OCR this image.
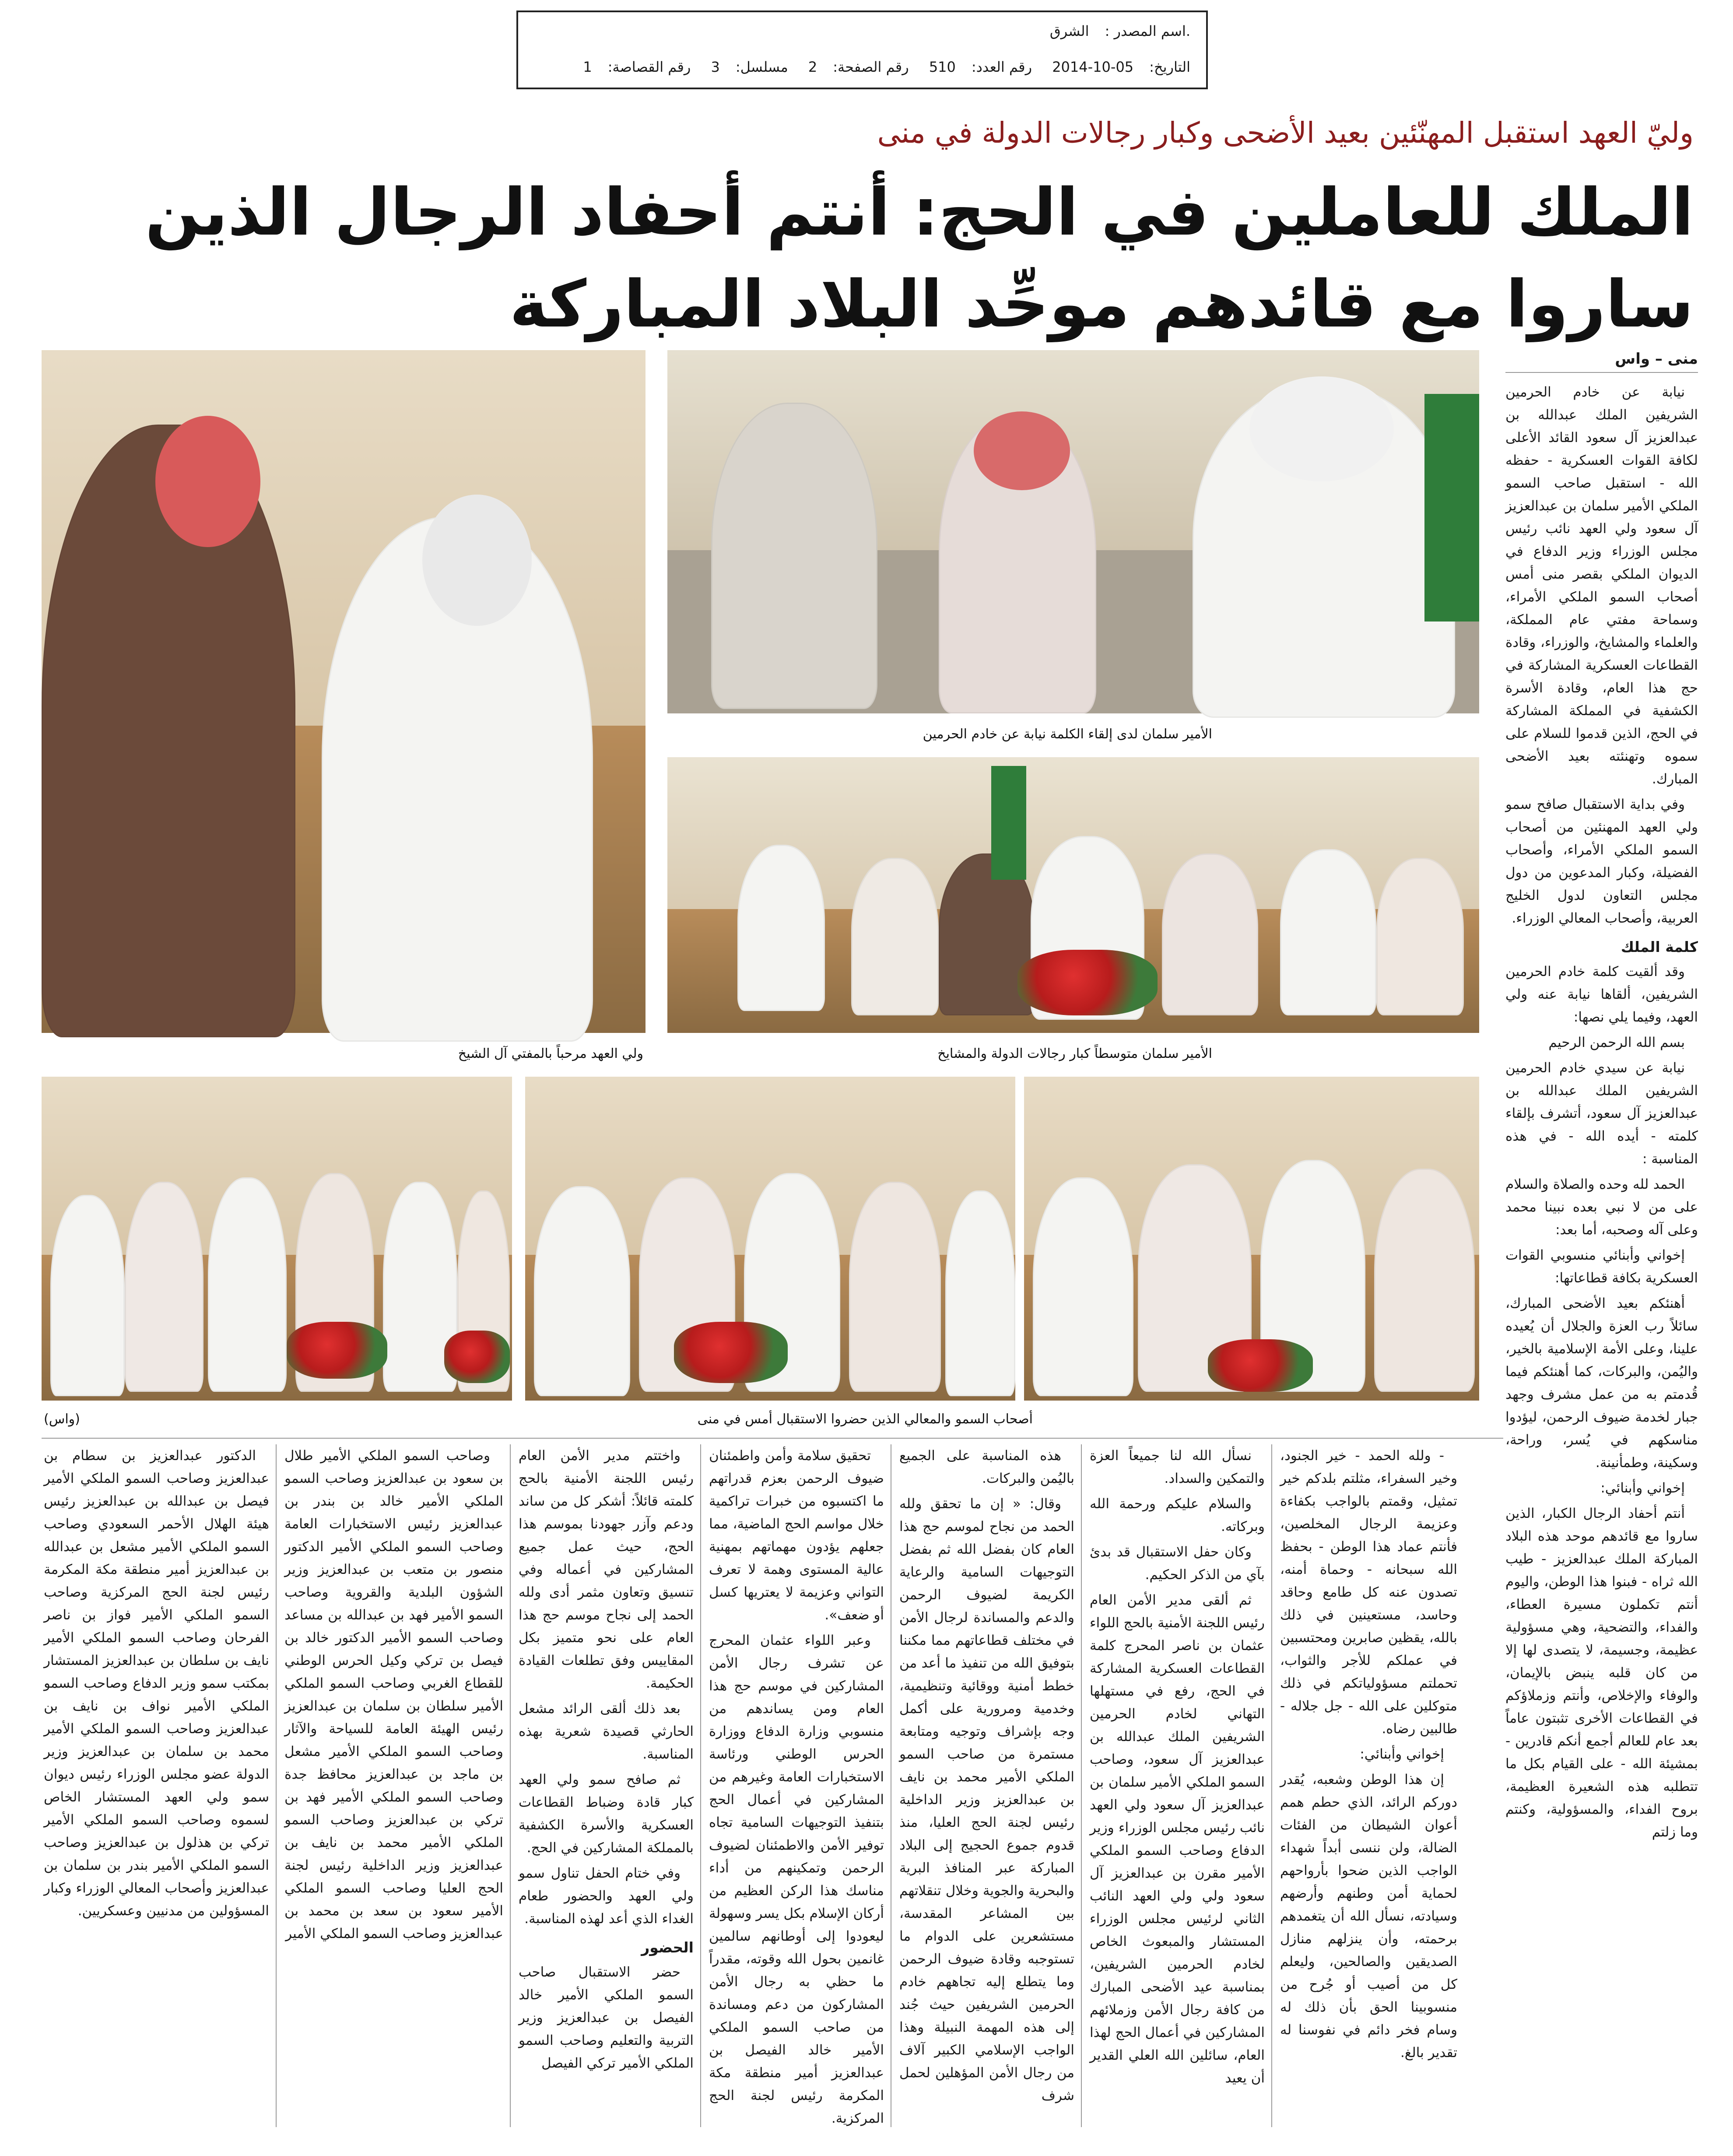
.اسم المصدر :الشرق
التاريخ:2014-10-05 رقم العدد:510 رقم الصفحة:2 مسلسل:3 رقم القصاصة:1
وليّ العهد استقبل المهنّئين بعيد الأضحى وكبار رجالات الدولة في منى
الملك للعاملين في الحج: أنتم أحفاد الرجال الذين ساروا مع قائدهم موحِّد البلاد المباركة
ولي العهد مرحباً بالمفتي آل الشيخ
الأمير سلمان لدى إلقاء الكلمة نيابة عن خادم الحرمين
الأمير سلمان متوسطاً كبار رجالات الدولة والمشايخ
أصحاب السمو والمعالي الذين حضروا الاستقبال أمس في منى
(واس)
منى – واس

نيابة عن خادم الحرمين الشريفين الملك عبدالله بن عبدالعزيز آل سعود القائد الأعلى لكافة القوات العسكرية - حفظه الله - استقبل صاحب السمو الملكي الأمير سلمان بن عبدالعزيز آل سعود ولي العهد نائب رئيس مجلس الوزراء وزير الدفاع في الديوان الملكي بقصر منى أمس أصحاب السمو الملكي الأمراء، وسماحة مفتي عام المملكة، والعلماء والمشايخ، والوزراء، وقادة القطاعات العسكرية المشاركة في حج هذا العام، وقادة الأسرة الكشفية في المملكة المشاركة في الحج، الذين قدموا للسلام على سموه وتهنئته بعيد الأضحى المبارك.

وفي بداية الاستقبال صافح سمو ولي العهد المهنئين من أصحاب السمو الملكي الأمراء، وأصحاب الفضيلة، وكبار المدعوين من دول مجلس التعاون لدول الخليج العربية، وأصحاب المعالي الوزراء.

كلمة الملك

وقد ألقيت كلمة خادم الحرمين الشريفين، ألقاها نيابة عنه ولي العهد، وفيما يلي نصها:

بسم الله الرحمن الرحيم

نيابة عن سيدي خادم الحرمين الشريفين الملك عبدالله بن عبدالعزيز آل سعود، أتشرف بإلقاء كلمته - أيده الله - في هذه المناسبة :

الحمد لله وحده والصلاة والسلام على من لا نبي بعده نبينا محمد وعلى آله وصحبه، أما بعد:

إخواني وأبنائي منسوبي القوات العسكرية بكافة قطاعاتها:

أهنئكم بعيد الأضحى المبارك، سائلاً رب العزة والجلال أن يُعيده علينا، وعلى الأمة الإسلامية بالخير، واليُمن، والبركات، كما أهنئكم فيما قُدمتم به من عمل مشرف وجهد جبار لخدمة ضيوف الرحمن، ليؤدوا مناسكهم في يُسر، وراحة، وسكينة، وطمأنينة.

إخواني وأبنائي:

أنتم أحفاد الرجال الكبار، الذين ساروا مع قائدهم موحد هذه البلاد المباركة الملك عبدالعزيز - طيب الله ثراه - فبنوا هذا الوطن، واليوم أنتم تكملون مسيرة العطاء، والفداء، والتضحية، وهي مسؤولية عظيمة، وجسيمة، لا يتصدى لها إلا من كان قلبه ينبض بالإيمان، والوفاء والإخلاص، وأنتم وزملاؤكم في القطاعات الأخرى تثبتون عاماً بعد عام للعالم أجمع أنكم قادرين - بمشيئة الله - على القيام بكل ما تتطلبه هذه الشعيرة العظيمة، بروح الفداء، والمسؤولية، وكنتم وما زلتم

- ولله الحمد - خير الجنود، وخير السفراء، مثلتم بلدكم خير تمثيل، وقمتم بالواجب بكفاءة وعزيمة الرجال المخلصين، فأنتم عماد هذا الوطن - بحفظ الله سبحانه - وحماة أمنه، تصدون عنه كل طامع وحاقد وحاسد، مستعينين في ذلك بالله، يقظين صابرين ومحتسبين في عملكم للأجر والثواب، تحملتم مسؤولياتكم في ذلك متوكلين على الله - جل جلاله - طالبين رضاه.

إخواني وأبنائي:

إن هذا الوطن وشعبه، يُقدر دوركم الرائد، الذي حطم همم أعوان الشيطان من الفئات الضالة، ولن ننسى أبداً شهداء الواجب الذين ضحوا بأرواحهم لحماية أمن وطنهم وأرضهم وسيادته، نسأل الله أن يتغمدهم برحمته، وأن ينزلهم منازل الصديقين والصالحين، وليعلم كل من أصيب أو جُرح من منسوبينا الحق بأن ذلك له وسام فخر دائم في نفوسنا له تقدير بالغ.

نسأل الله لنا جميعاً العزة والتمكين والسداد.

والسلام عليكم ورحمة الله وبركاته.

وكان حفل الاستقبال قد بدئ بآي من الذكر الحكيم.

ثم ألقى مدير الأمن العام رئيس اللجنة الأمنية بالحج اللواء عثمان بن ناصر المحرج كلمة القطاعات العسكرية المشاركة في الحج، رفع في مستهلها التهاني لخادم الحرمين الشريفين الملك عبدالله بن عبدالعزيز آل سعود، وصاحب السمو الملكي الأمير سلمان بن عبدالعزيز آل سعود ولي العهد نائب رئيس مجلس الوزراء وزير الدفاع وصاحب السمو الملكي الأمير مقرن بن عبدالعزيز آل سعود ولي ولي العهد النائب الثاني لرئيس مجلس الوزراء المستشار والمبعوث الخاص لخادم الحرمين الشريفين، بمناسبة عيد الأضحى المبارك من كافة رجال الأمن وزملائهم المشاركين في أعمال الحج لهذا العام، سائلين الله العلي القدير أن يعيد

هذه المناسبة على الجميع باليُمن والبركات.

وقال: « إن ما تحقق ولله الحمد من نجاح لموسم حج هذا العام كان بفضل الله ثم بفضل التوجيهات السامية والرعاية الكريمة لضيوف الرحمن والدعم والمساندة لرجال الأمن في مختلف قطاعاتهم مما مكننا بتوفيق الله من تنفيذ ما أعد من خطط أمنية ووقائية وتنظيمية، وخدمية ومرورية على أكمل وجه بإشراف وتوجيه ومتابعة مستمرة من صاحب السمو الملكي الأمير محمد بن نايف بن عبدالعزيز وزير الداخلية رئيس لجنة الحج العليا، منذ قدوم جموع الحجيج إلى البلاد المباركة عبر المنافذ البرية والبحرية والجوية وخلال تنقلاتهم بين المشاعر المقدسة، مستشعرين على الدوام ما تستوجبه وقادة ضيوف الرحمن وما يتطلع إليه تجاههم خادم الحرمين الشريفين حيث جُند إلى هذه المهمة النبيلة وهذا الواجب الإسلامي الكبير آلاف من رجال الأمن المؤهلين لحمل شرف

تحقيق سلامة وأمن واطمئنان ضيوف الرحمن بعزم قدراتهم ما اكتسبوه من خبرات تراكمية خلال مواسم الحج الماضية، مما جعلهم يؤدون مهماتهم بمهنية عالية المستوى وهمة لا تعرف التواني وعزيمة لا يعتريها كسل أو ضعف».

وعبر اللواء عثمان المحرج عن تشرف رجال الأمن المشاركين في موسم حج هذا العام ومن يساندهم من منسوبي وزارة الدفاع ووزارة الحرس الوطني ورئاسة الاستخبارات العامة وغيرهم من المشاركين في أعمال الحج بتنفيذ التوجيهات السامية تجاه توفير الأمن والاطمئنان لضيوف الرحمن وتمكينهم من أداء مناسك هذا الركن العظيم من أركان الإسلام بكل يسر وسهولة ليعودوا إلى أوطانهم سالمين غانمين بحول الله وقوته، مقدراً ما حظي به رجال الأمن المشاركون من دعم ومساندة من صاحب السمو الملكي الأمير خالد الفيصل بن عبدالعزيز أمير منطقة مكة المكرمة رئيس لجنة الحج المركزية.

واختتم مدير الأمن العام رئيس اللجنة الأمنية بالحج كلمته قائلاً: أشكر كل من ساند ودعم وآزر جهودنا بموسم هذا الحج، حيث عمل جميع المشاركين في أعماله وفي تنسيق وتعاون مثمر أدى ولله الحمد إلى نجاح موسم حج هذا العام على نحو متميز بكل المقاييس وفق تطلعات القيادة الحكيمة.

بعد ذلك ألقى الرائد مشعل الحارثي قصيدة شعرية بهذه المناسبة.

ثم صافح سمو ولي العهد كبار قادة وضباط القطاعات العسكرية والأسرة الكشفية بالمملكة المشاركين في الحج.

وفي ختام الحفل تناول سمو ولي العهد والحضور طعام الغداء الذي أعد لهذه المناسبة.

الحضور

حضر الاستقبال صاحب السمو الملكي الأمير خالد الفيصل بن عبدالعزيز وزير التربية والتعليم وصاحب السمو الملكي الأمير تركي الفيصل

وصاحب السمو الملكي الأمير طلال بن سعود بن عبدالعزيز وصاحب السمو الملكي الأمير خالد بن بندر بن عبدالعزيز رئيس الاستخبارات العامة وصاحب السمو الملكي الأمير الدكتور منصور بن متعب بن عبدالعزيز وزير الشؤون البلدية والقروية وصاحب السمو الأمير فهد بن عبدالله بن مساعد وصاحب السمو الأمير الدكتور خالد بن فيصل بن تركي وكيل الحرس الوطني للقطاع الغربي وصاحب السمو الملكي الأمير سلطان بن سلمان بن عبدالعزيز رئيس الهيئة العامة للسياحة والآثار وصاحب السمو الملكي الأمير مشعل بن ماجد بن عبدالعزيز محافظ جدة وصاحب السمو الملكي الأمير فهد بن تركي بن عبدالعزيز وصاحب السمو الملكي الأمير محمد بن نايف بن عبدالعزيز وزير الداخلية رئيس لجنة الحج العليا وصاحب السمو الملكي الأمير سعود بن سعد بن محمد بن عبدالعزيز وصاحب السمو الملكي الأمير

الدكتور عبدالعزيز بن سطام بن عبدالعزيز وصاحب السمو الملكي الأمير فيصل بن عبدالله بن عبدالعزيز رئيس هيئة الهلال الأحمر السعودي وصاحب السمو الملكي الأمير مشعل بن عبدالله بن عبدالعزيز أمير منطقة مكة المكرمة رئيس لجنة الحج المركزية وصاحب السمو الملكي الأمير فواز بن ناصر الفرحان وصاحب السمو الملكي الأمير نايف بن سلطان بن عبدالعزيز المستشار بمكتب سمو وزير الدفاع وصاحب السمو الملكي الأمير نواف بن نايف بن عبدالعزيز وصاحب السمو الملكي الأمير محمد بن سلمان بن عبدالعزيز وزير الدولة عضو مجلس الوزراء رئيس ديوان سمو ولي العهد المستشار الخاص لسموه وصاحب السمو الملكي الأمير تركي بن هذلول بن عبدالعزيز وصاحب السمو الملكي الأمير بندر بن سلمان بن عبدالعزيز وأصحاب المعالي الوزراء وكبار المسؤولين من مدنيين وعسكريين.
